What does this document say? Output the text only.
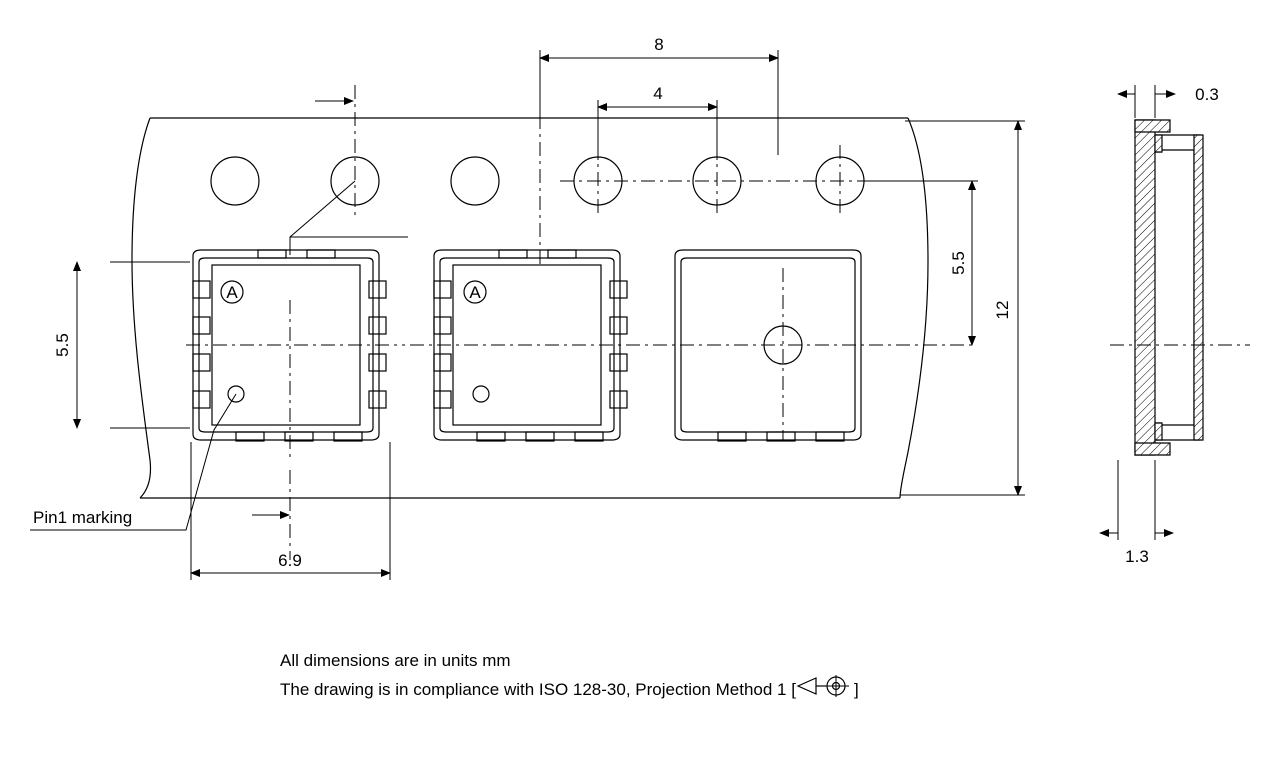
A	A
8
4
5.5
12
5.5
6.9
Pin1 marking
0.3
1.3
All dimensions are in units mm
The drawing is in compliance with ISO 128-30, Projection Method 1 [	]
